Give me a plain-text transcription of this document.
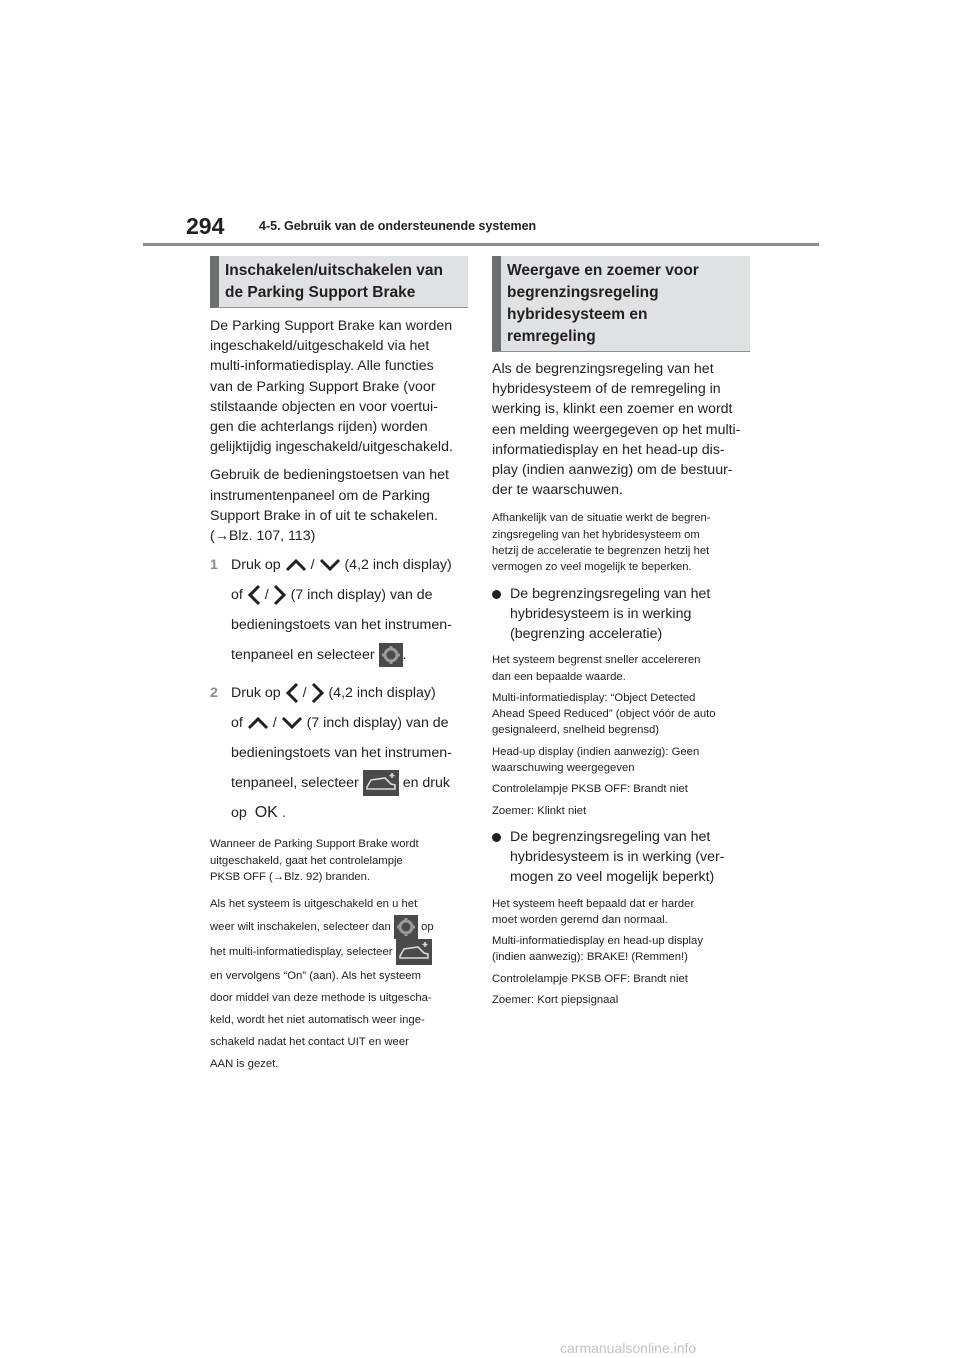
294	4-5. Gebruik van de ondersteunende systemen
Inschakelen/uitschakelen van
de Parking Support Brake

De Parking Support Brake kan worden
ingeschakeld/uitgeschakeld via het
multi-informatiedisplay. Alle functies
van de Parking Support Brake (voor
stilstaande objecten en voor voertui-
gen die achterlangs rijden) worden
gelijktijdig ingeschakeld/uitgeschakeld.

Gebruik de bedieningstoetsen van het
instrumentenpaneel om de Parking
Support Brake in of uit te schakelen.
(→Blz. 107, 113)

1 Druk op / (4,2 inch display)
of / (7 inch display) van de
bedieningstoets van het instrumen-
tenpaneel en selecteer .
2 Druk op / (4,2 inch display)
of / (7 inch display) van de
bedieningstoets van het instrumen-
tenpaneel, selecteer	en druk
op OK .

Wanneer de Parking Support Brake wordt
uitgeschakeld, gaat het controlelampje
PKSB OFF (→Blz. 92) branden.

Als het systeem is uitgeschakeld en u het
weer wilt inschakelen, selecteer dan	op
het multi-informatiedisplay, selecteer
en vervolgens “On” (aan). Als het systeem
door middel van deze methode is uitgescha-
keld, wordt het niet automatisch weer inge-
schakeld nadat het contact UIT en weer
AAN is gezet.
Weergave en zoemer voor
begrenzingsregeling
hybridesysteem en
remregeling

Als de begrenzingsregeling van het
hybridesysteem of de remregeling in
werking is, klinkt een zoemer en wordt
een melding weergegeven op het multi-
informatiedisplay en het head-up dis-
play (indien aanwezig) om de bestuur-
der te waarschuwen.

Afhankelijk van de situatie werkt de begren-
zingsregeling van het hybridesysteem om
hetzij de acceleratie te begrenzen hetzij het
vermogen zo veel mogelijk te beperken.

De begrenzingsregeling van het
hybridesysteem is in werking
(begrenzing acceleratie)

Het systeem begrenst sneller accelereren
dan een bepaalde waarde.

Multi-informatiedisplay: “Object Detected
Ahead Speed Reduced” (object vóór de auto
gesignaleerd, snelheid begrensd)

Head-up display (indien aanwezig): Geen
waarschuwing weergegeven

Controlelampje PKSB OFF: Brandt niet

Zoemer: Klinkt niet

De begrenzingsregeling van het
hybridesysteem is in werking (ver-
mogen zo veel mogelijk beperkt)

Het systeem heeft bepaald dat er harder
moet worden geremd dan normaal.

Multi-informatiedisplay en head-up display
(indien aanwezig): BRAKE! (Remmen!)

Controlelampje PKSB OFF: Brandt niet

Zoemer: Kort piepsignaal

carmanualsonline.info
